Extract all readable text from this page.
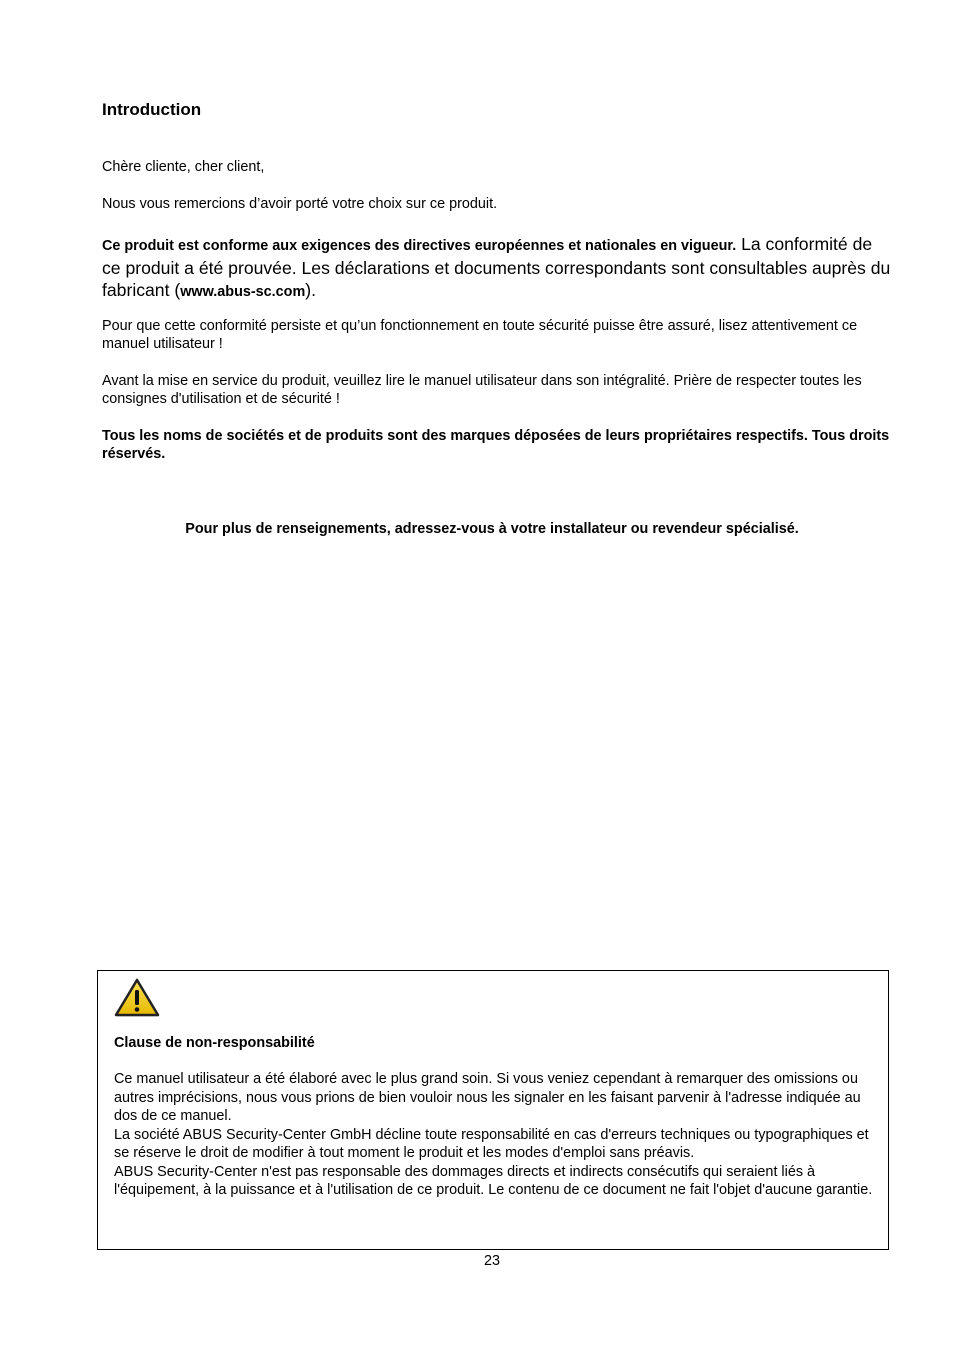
Introduction
Chère cliente, cher client,
Nous vous remercions d’avoir porté votre choix sur ce produit.
Ce produit est conforme aux exigences des directives européennes et nationales en vigueur. La conformité de ce produit a été prouvée. Les déclarations et documents correspondants sont consultables auprès du fabricant (www.abus-sc.com).
Pour que cette conformité persiste et qu’un fonctionnement en toute sécurité puisse être assuré, lisez attentivement ce manuel utilisateur !
Avant la mise en service du produit, veuillez lire le manuel utilisateur dans son intégralité. Prière de respecter toutes les consignes d'utilisation et de sécurité !
Tous les noms de sociétés et de produits sont des marques déposées de leurs propriétaires respectifs. Tous droits réservés.
Pour plus de renseignements, adressez-vous à votre installateur ou revendeur spécialisé.
Clause de non-responsabilité

Ce manuel utilisateur a été élaboré avec le plus grand soin. Si vous veniez cependant à remarquer des omissions ou autres imprécisions, nous vous prions de bien vouloir nous les signaler en les faisant parvenir à l'adresse indiquée au dos de ce manuel.

La société ABUS Security-Center GmbH décline toute responsabilité en cas d'erreurs techniques ou typographiques et se réserve le droit de modifier à tout moment le produit et les modes d'emploi sans préavis.

ABUS Security-Center n'est pas responsable des dommages directs et indirects consécutifs qui seraient liés à l'équipement, à la puissance et à l'utilisation de ce produit. Le contenu de ce document ne fait l'objet d'aucune garantie.

23
